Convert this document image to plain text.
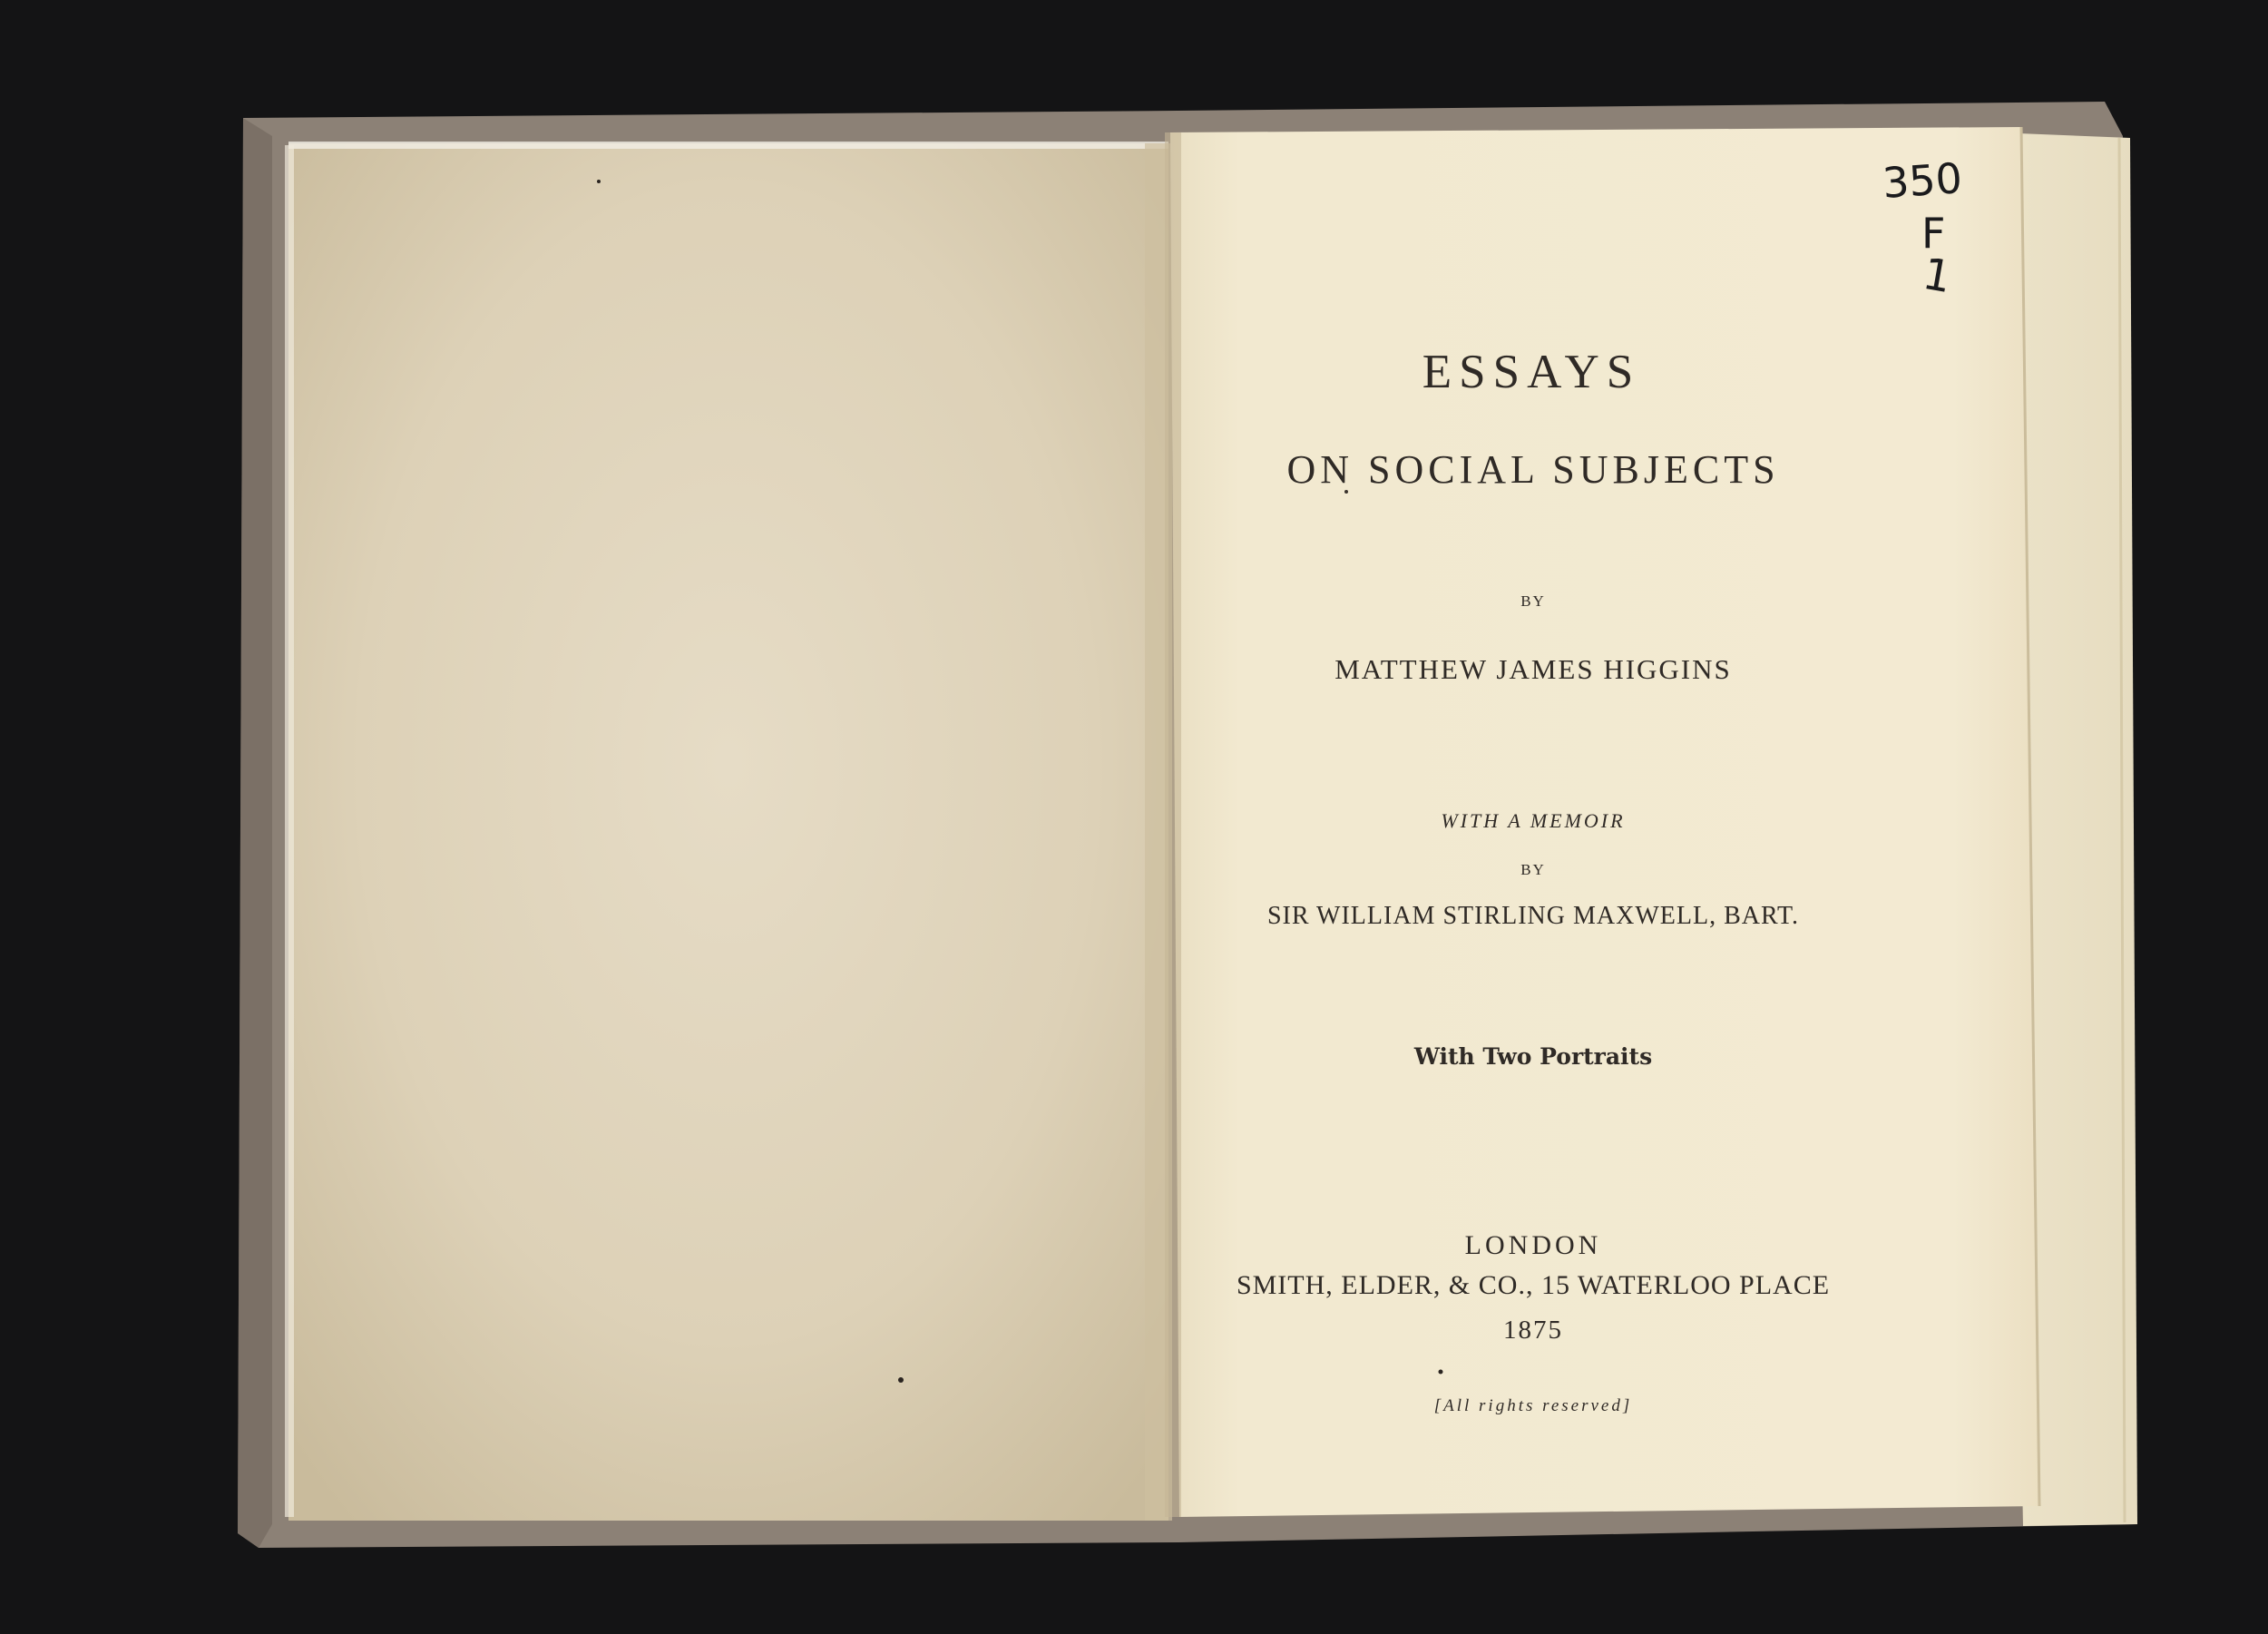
ESSAYS
ON SOCIAL SUBJECTS
BY
MATTHEW JAMES HIGGINS
WITH A MEMOIR
BY
SIR WILLIAM STIRLING MAXWELL, BART.
With Two Portraits
LONDON
SMITH, ELDER, & CO., 15 WATERLOO PLACE
1875
[All rights reserved]
350
F
1
